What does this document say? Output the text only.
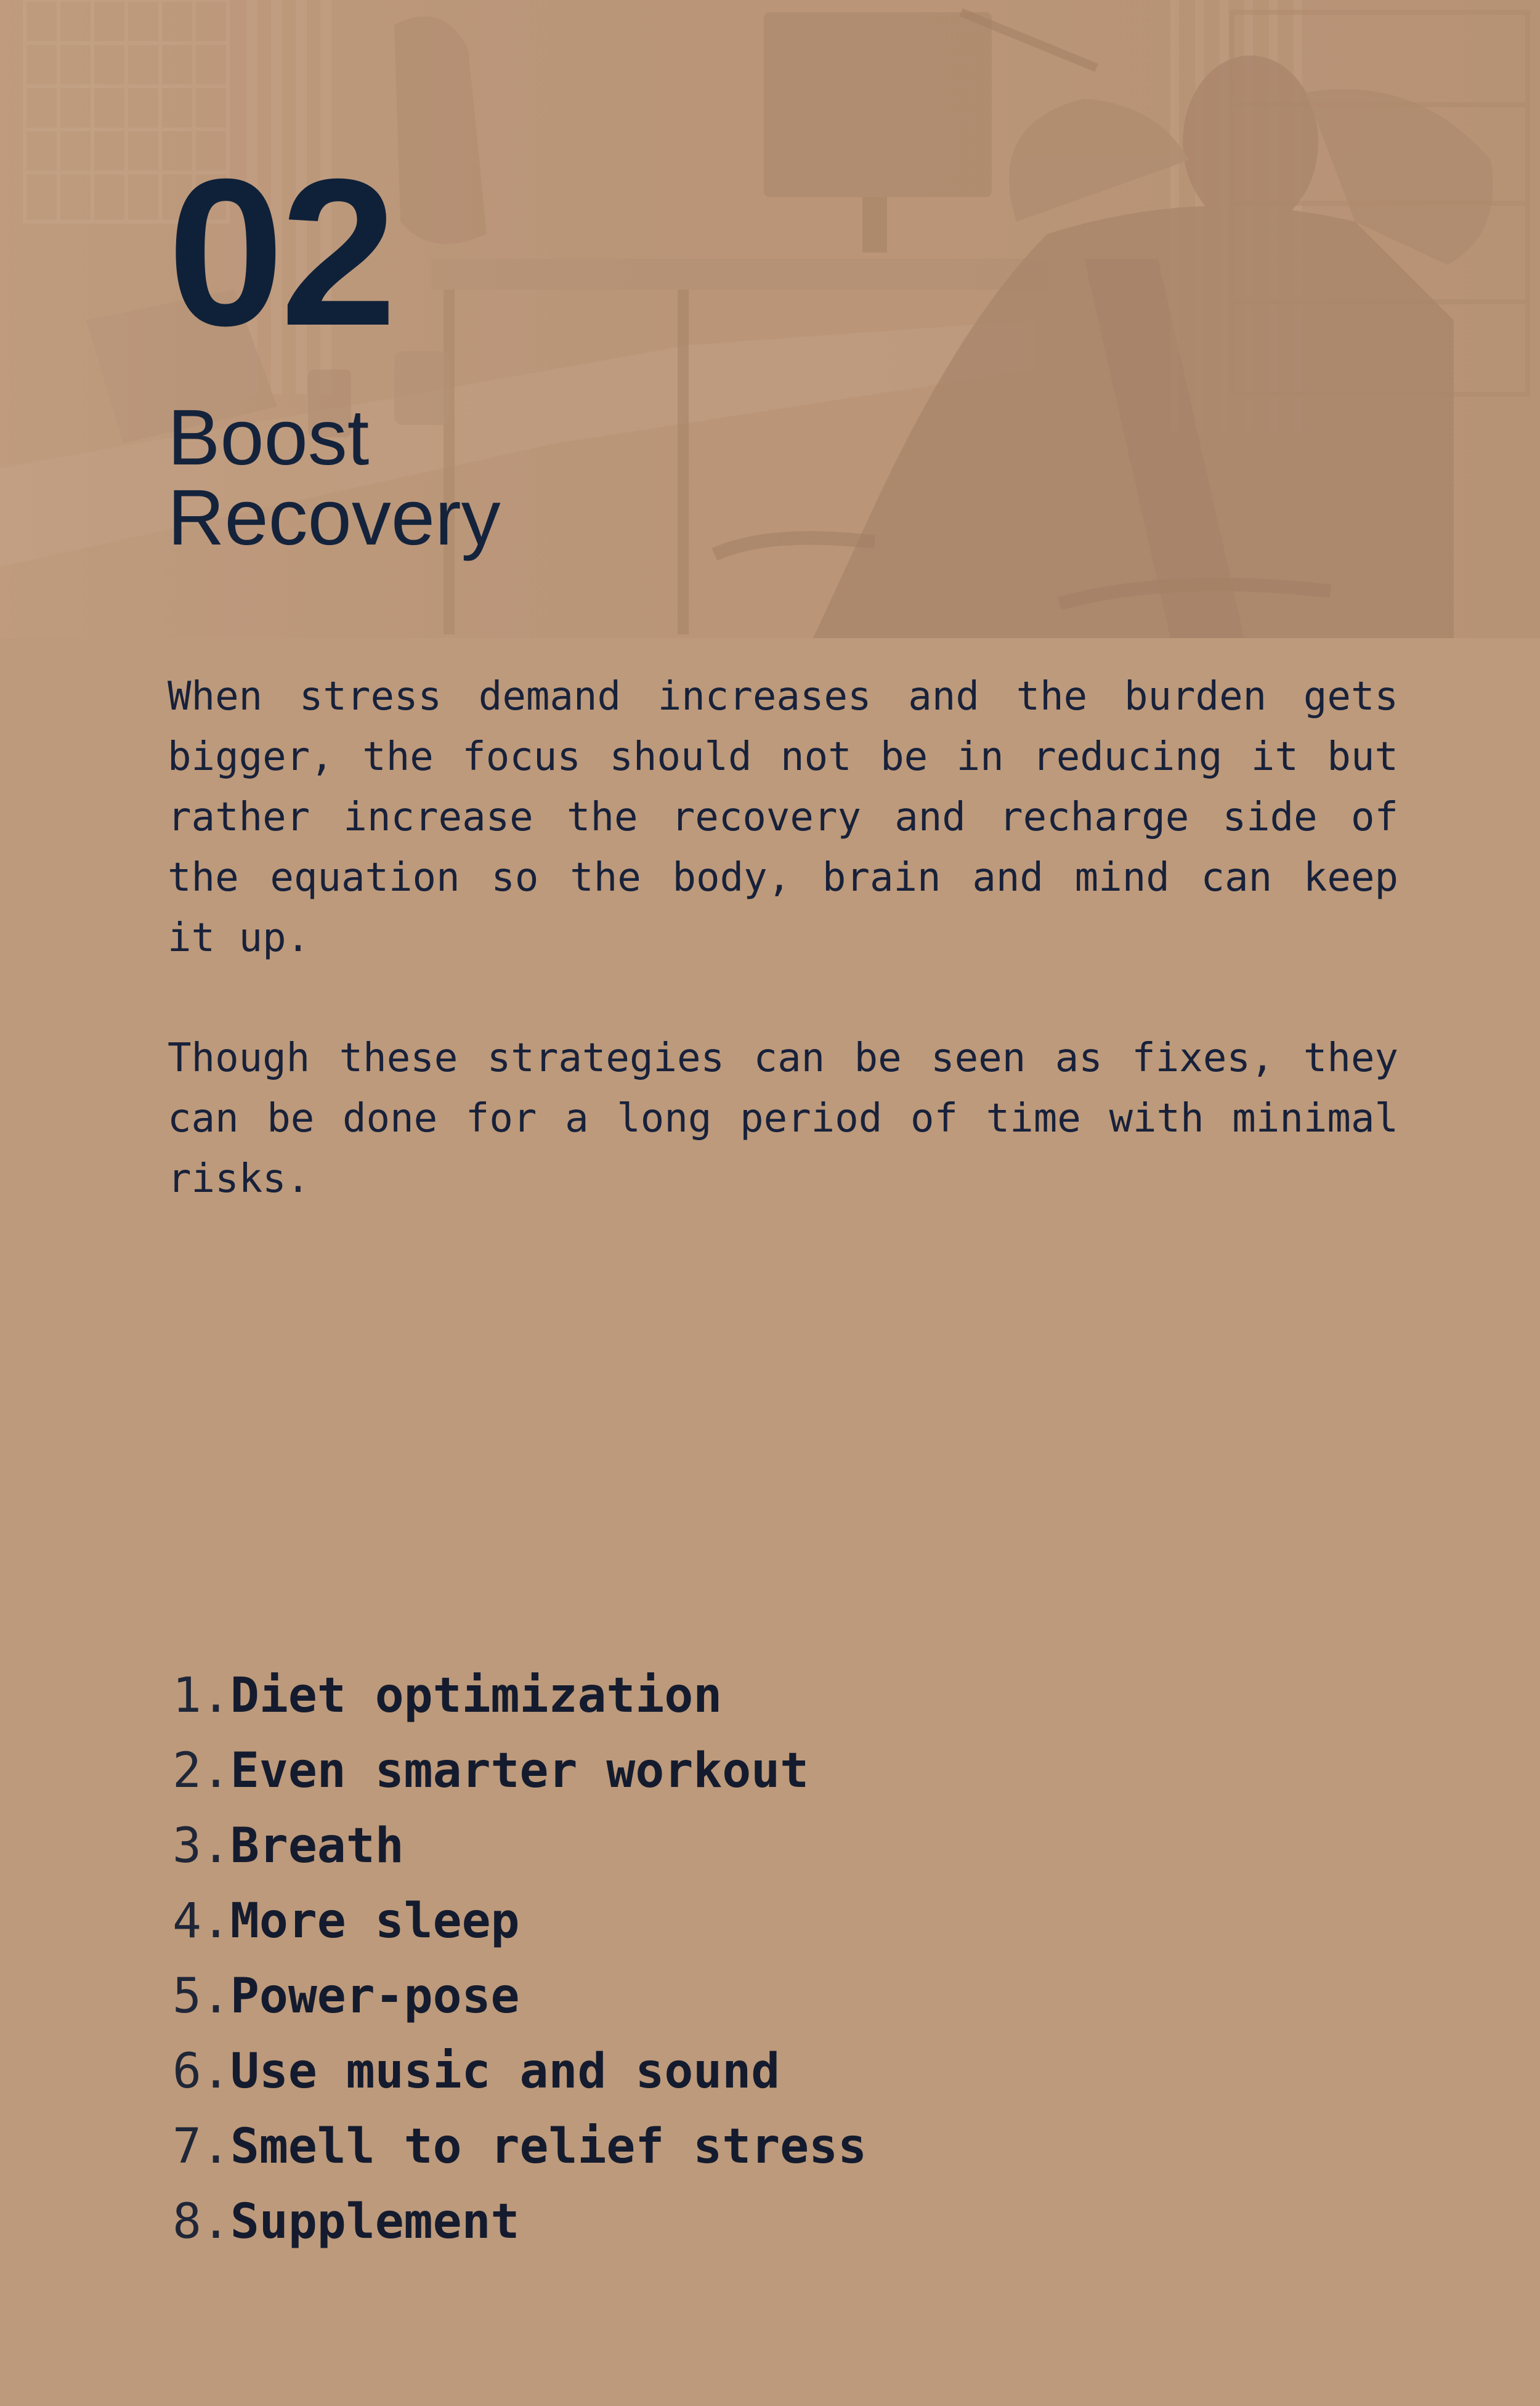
02
Boost
Recovery

When stress demand increases and the burden gets bigger, the focus should not be in reducing it but rather increase the recovery and recharge side of the equation so the body, brain and mind can keep it up.

Though these strategies can be seen as fixes, they can be done for a long period of time with minimal risks.

1.Diet optimization
2.Even smarter workout
3.Breath
4.More sleep
5.Power-pose
6.Use music and sound
7.Smell to relief stress
8.Supplement
